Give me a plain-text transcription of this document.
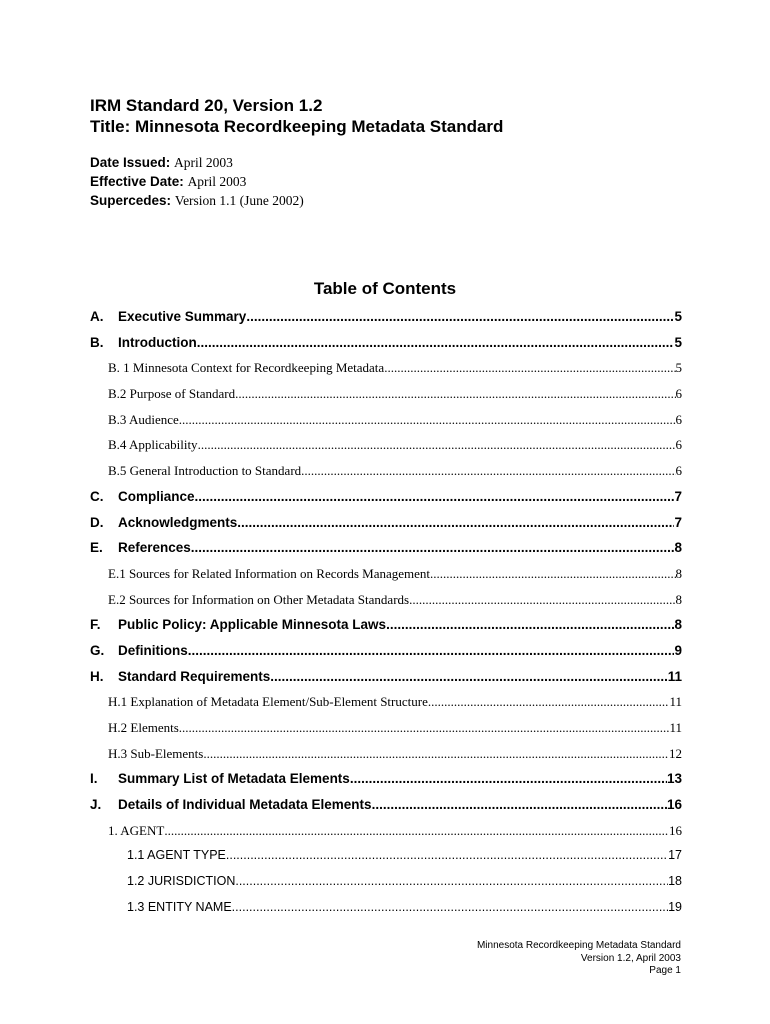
IRM Standard 20, Version 1.2
Title: Minnesota Recordkeeping Metadata Standard
Date Issued: April 2003
Effective Date: April 2003
Supercedes: Version 1.1 (June 2002)
Table of Contents
A.	Executive Summary .....	5
B.	Introduction .....	5
B. 1 Minnesota Context for Recordkeeping Metadata .....	5
B.2 Purpose of Standard .....	6
B.3 Audience .....	6
B.4 Applicability .....	6
B.5 General Introduction to Standard .....	6
C.	Compliance .....	7
D.	Acknowledgments .....	7
E.	References .....	8
E.1 Sources for Related Information on Records Management .....	8
E.2 Sources for Information on Other Metadata Standards .....	8
F.	Public Policy: Applicable Minnesota Laws .....	8
G.	Definitions .....	9
H.	Standard Requirements .....	11
H.1 Explanation of Metadata Element/Sub-Element Structure .....	11
H.2 Elements .....	11
H.3 Sub-Elements .....	12
I.	Summary List of Metadata Elements .....	13
J.	Details of Individual Metadata Elements .....	16
1. AGENT .....	16
1.1 AGENT TYPE .....	17
1.2 JURISDICTION .....	18
1.3 ENTITY NAME .....	19
Minnesota Recordkeeping Metadata Standard
Version 1.2, April 2003
Page 1
